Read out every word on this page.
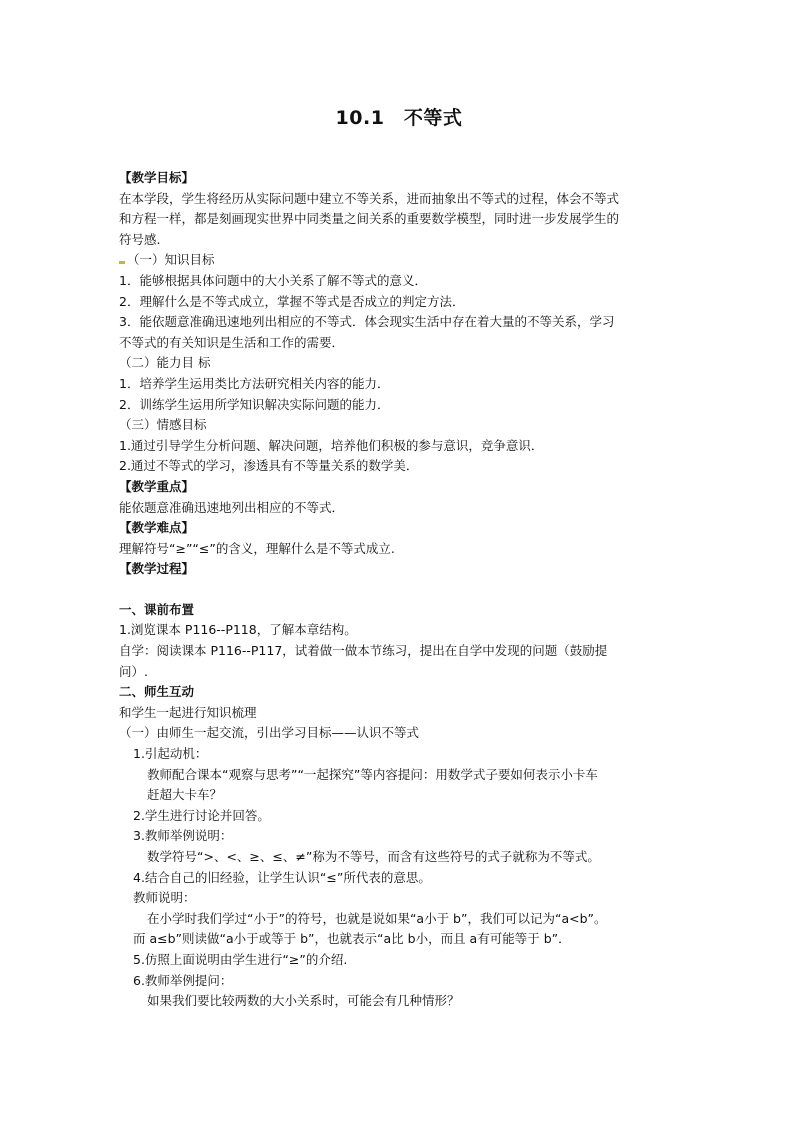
10.1　不等式
【教学目标】
在本学段，学生将经历从实际问题中建立不等关系，进而抽象出不等式的过程，体会不等式
和方程一样，都是刻画现实世界中同类量之间关系的重要数学模型，同时进一步发展学生的
符号感.
（一）知识目标
1．能够根据具体问题中的大小关系了解不等式的意义．
2．理解什么是不等式成立，掌握不等式是否成立的判定方法．
3．能依题意准确迅速地列出相应的不等式．体会现实生活中存在着大量的不等关系，学习
不等式的有关知识是生活和工作的需要．
（二）能力目 标
1．培养学生运用类比方法研究相关内容的能力．
2．训练学生运用所学知识解决实际问题的能力．
（三）情感目标
1.通过引导学生分析问题、解决问题，培养他们积极的参与意识，竞争意识．
2.通过不等式的学习，渗透具有不等量关系的数学美．
【教学重点】
能依题意准确迅速地列出相应的不等式．
【教学难点】
理解符号“≥”“≤”的含义，理解什么是不等式成立.
【教学过程】
一、课前布置
1.浏览课本 P116--P118，了解本章结构。
自学：阅读课本 P116--P117，试着做一做本节练习，提出在自学中发现的问题（鼓励提
问）.
二、师生互动
和学生一起进行知识梳理
（一）由师生一起交流，引出学习目标——认识不等式
1.引起动机：
教师配合课本“观察与思考”“一起探究”等内容提问：用数学式子要如何表示小卡车
赶超大卡车？
2.学生进行讨论并回答。
3.教师举例说明：
数学符号“>、<、≥、≤、≠”称为不等号，而含有这些符号的式子就称为不等式。
4.结合自己的旧经验，让学生认识“≤”所代表的意思。
教师说明：
在小学时我们学过“小于”的符号，也就是说如果“a小于 b”，我们可以记为“a<b”。
而 a≤b”则读做“a小于或等于 b”，也就表示“a比 b小，而且 a有可能等于 b”．
5.仿照上面说明由学生进行“≥”的介绍.
6.教师举例提问：
如果我们要比较两数的大小关系时，可能会有几种情形？
